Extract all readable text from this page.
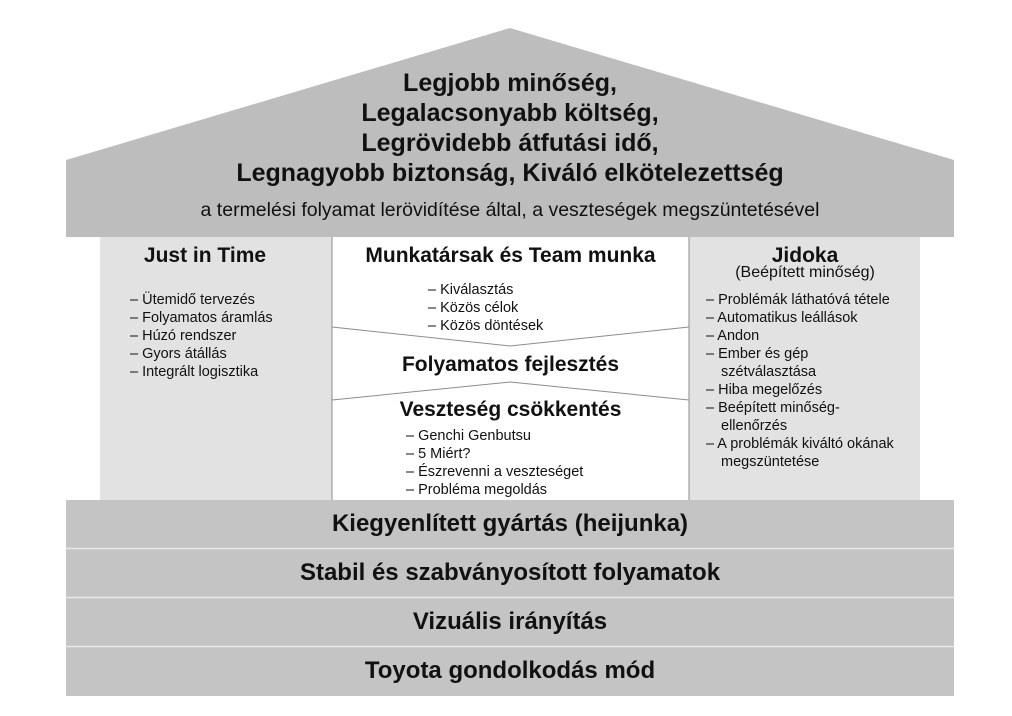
Legjobb minőség,
Legalacsonyabb költség,
Legrövidebb átfutási idő,
Legnagyobb biztonság, Kiváló elkötelezettség
a termelési folyamat lerövidítése által, a veszteségek megszüntetésével
Just in Time
– Ütemidő tervezés
– Folyamatos áramlás
– Húzó rendszer
– Gyors átállás
– Integrált logisztika
Munkatársak és Team munka
– Kiválasztás
– Közös célok
– Közös döntések
Folyamatos fejlesztés
Veszteség csökkentés
– Genchi Genbutsu
– 5 Miért?
– Észrevenni a veszteséget
– Probléma megoldás
Jidoka
(Beépített minőség)
– Problémák láthatóvá tétele
– Automatikus leállások
– Andon
– Ember és gép szétválasztása
– Hiba megelőzés
– Beépített minőség-ellenőrzés
– A problémák kiváltó okának megszüntetése
Kiegyenlített gyártás (heijunka)
Stabil és szabványosított folyamatok
Vizuális irányítás
Toyota gondolkodás mód
